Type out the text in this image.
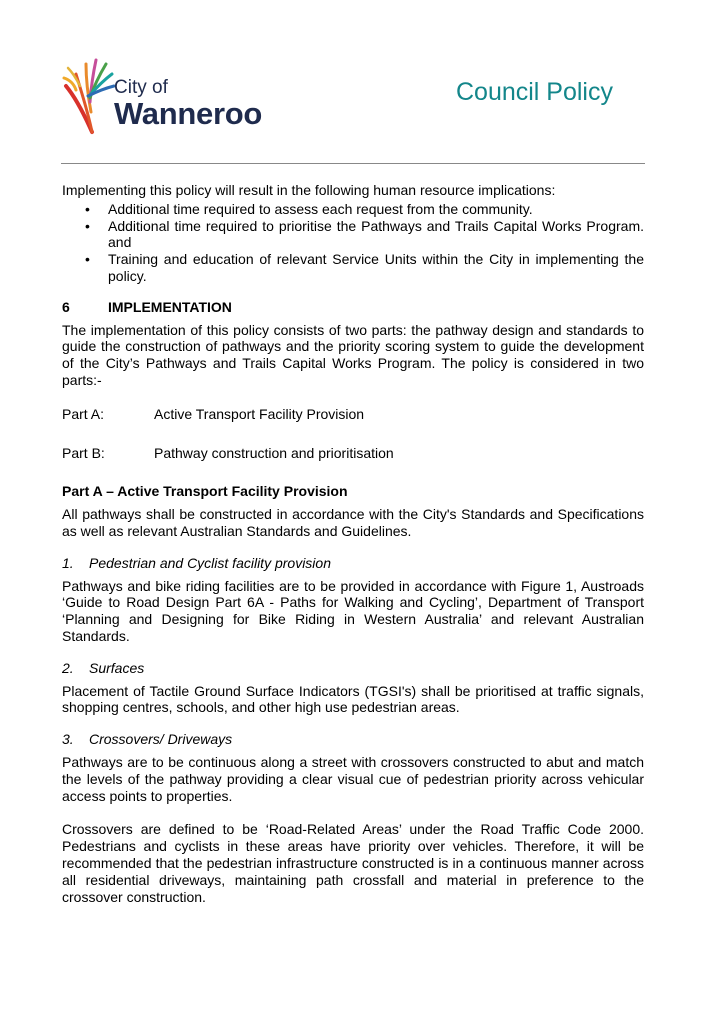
City of
Wanneroo
Council Policy

Implementing this policy will result in the following human resource implications:

• Additional time required to assess each request from the community.
• Additional time required to prioritise the Pathways and Trails Capital Works Program. and
• Training and education of relevant Service Units within the City in implementing the policy.
6	IMPLEMENTATION

The implementation of this policy consists of two parts: the pathway design and standards to guide the construction of pathways and the priority scoring system to guide the development of the City’s Pathways and Trails Capital Works Program. The policy is considered in two parts:-

Part A:	Active Transport Facility Provision
Part B:	Pathway construction and prioritisation

Part A – Active Transport Facility Provision

All pathways shall be constructed in accordance with the City's Standards and Specifications as well as relevant Australian Standards and Guidelines.

1.	Pedestrian and Cyclist facility provision

Pathways and bike riding facilities are to be provided in accordance with Figure 1, Austroads ‘Guide to Road Design Part 6A - Paths for Walking and Cycling’, Department of Transport ‘Planning and Designing for Bike Riding in Western Australia’ and relevant Australian Standards.

2.	Surfaces

Placement of Tactile Ground Surface Indicators (TGSI's) shall be prioritised at traffic signals, shopping centres, schools, and other high use pedestrian areas.

3.	Crossovers/ Driveways

Pathways are to be continuous along a street with crossovers constructed to abut and match the levels of the pathway providing a clear visual cue of pedestrian priority across vehicular access points to properties.

Crossovers are defined to be ‘Road-Related Areas’ under the Road Traffic Code 2000. Pedestrians and cyclists in these areas have priority over vehicles. Therefore, it will be recommended that the pedestrian infrastructure constructed is in a continuous manner across all residential driveways, maintaining path crossfall and material in preference to the crossover construction.
